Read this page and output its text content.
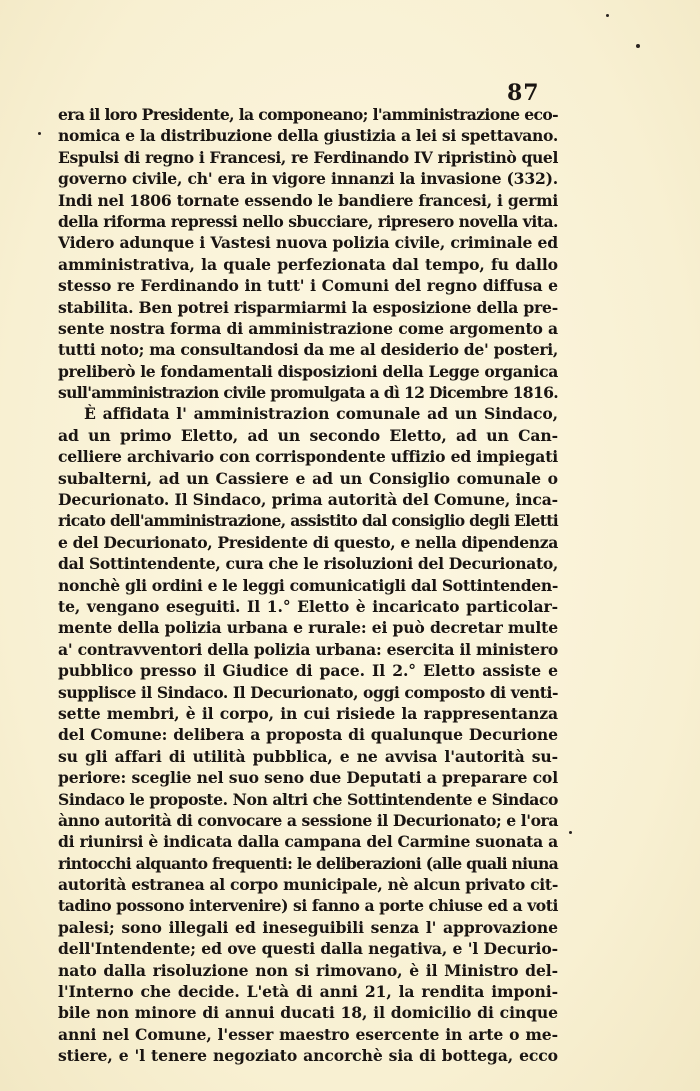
87
era il loro Presidente, la componeano; l'amministrazione eco-
nomica e la distribuzione della giustizia a lei si spettavano.
Espulsi di regno i Francesi, re Ferdinando IV ripristinò quel
governo civile, ch' era in vigore innanzi la invasione (332).
Indi nel 1806 tornate essendo le bandiere francesi, i germi
della riforma repressi nello sbucciare, ripresero novella vita.
Videro adunque i Vastesi nuova polizia civile, criminale ed
amministrativa, la quale perfezionata dal tempo, fu dallo
stesso re Ferdinando in tutt' i Comuni del regno diffusa e
stabilita. Ben potrei risparmiarmi la esposizione della pre-
sente nostra forma di amministrazione come argomento a
tutti noto; ma consultandosi da me al desiderio de' posteri,
preliberò le fondamentali disposizioni della Legge organica
sull'amministrazion civile promulgata a dì 12 Dicembre 1816.
È affidata l' amministrazion comunale ad un Sindaco,
ad un primo Eletto, ad un secondo Eletto, ad un Can-
celliere archivario con corrispondente uffizio ed impiegati
subalterni, ad un Cassiere e ad un Consiglio comunale o
Decurionato. Il Sindaco, prima autorità del Comune, inca-
ricato dell'amministrazione, assistito dal consiglio degli Eletti
e del Decurionato, Presidente di questo, e nella dipendenza
dal Sottintendente, cura che le risoluzioni del Decurionato,
nonchè gli ordini e le leggi comunicatigli dal Sottintenden-
te, vengano eseguiti. Il 1.° Eletto è incaricato particolar-
mente della polizia urbana e rurale: ei può decretar multe
a' contravventori della polizia urbana: esercita il ministero
pubblico presso il Giudice di pace. Il 2.° Eletto assiste e
supplisce il Sindaco. Il Decurionato, oggi composto di venti-
sette membri, è il corpo, in cui risiede la rappresentanza
del Comune: delibera a proposta di qualunque Decurione
su gli affari di utilità pubblica, e ne avvisa l'autorità su-
periore: sceglie nel suo seno due Deputati a preparare col
Sindaco le proposte. Non altri che Sottintendente e Sindaco
ànno autorità di convocare a sessione il Decurionato; e l'ora
di riunirsi è indicata dalla campana del Carmine suonata a
rintocchi alquanto frequenti: le deliberazioni (alle quali niuna
autorità estranea al corpo municipale, nè alcun privato cit-
tadino possono intervenire) si fanno a porte chiuse ed a voti
palesi; sono illegali ed ineseguibili senza l' approvazione
dell'Intendente; ed ove questi dalla negativa, e 'l Decurio-
nato dalla risoluzione non si rimovano, è il Ministro del-
l'Interno che decide. L'età di anni 21, la rendita imponi-
bile non minore di annui ducati 18, il domicilio di cinque
anni nel Comune, l'esser maestro esercente in arte o me-
stiere, e 'l tenere negoziato ancorchè sia di bottega, ecco
